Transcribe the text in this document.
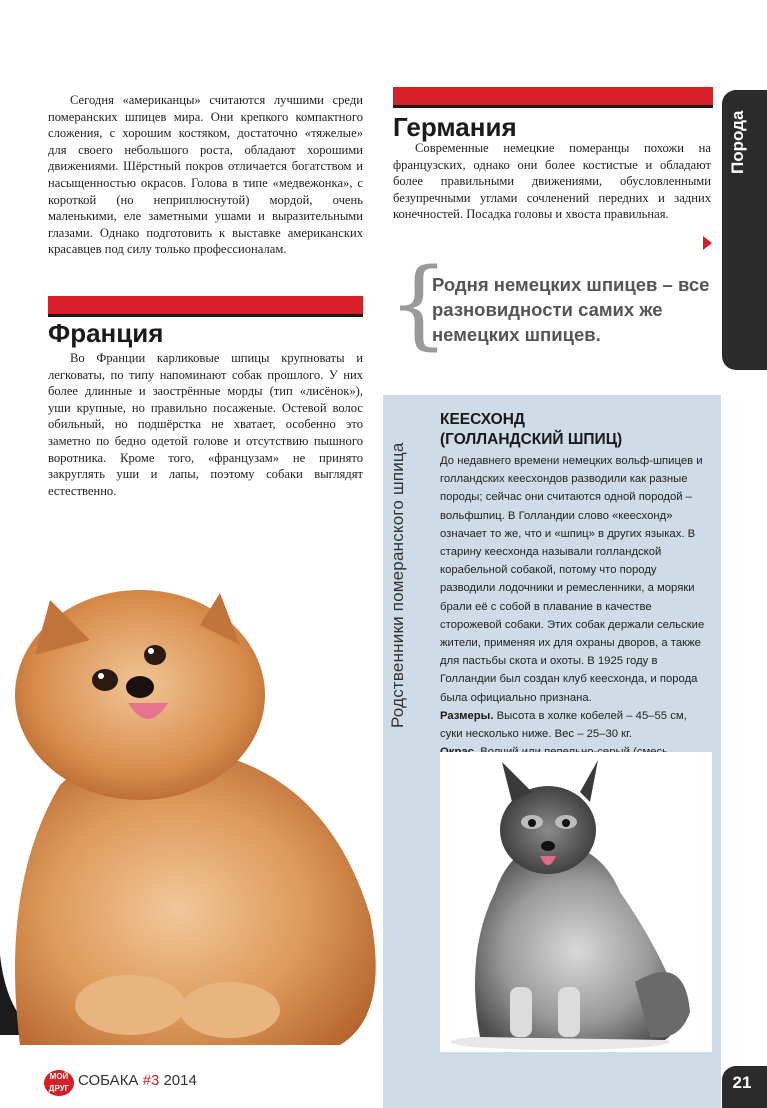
Порода

Сегодня «американцы» считаются лучшими среди померанских шпицев мира. Они крепкого компактного сложения, с хорошим костяком, достаточно «тяжелые» для своего небольшого роста, обладают хорошими движениями. Шёрстный покров отличается богатством и насыщенностью окрасов. Голова в типе «медвежонка», с короткой (но неприплюснутой) мордой, очень маленькими, еле заметными ушами и выразительными глазами. Однако подготовить к выставке американских красавцев под силу только профессионалам.

Франция

Во Франции карликовые шпицы крупноваты и легковаты, по типу напоминают собак прошлого. У них более длинные и заострённые морды (тип «лисёнок»), уши крупные, но правильно посаженые. Остевой волос обильный, но подшёрстка не хватает, особенно это заметно по бедно одетой голове и отсутствию пышного воротника. Кроме того, «французам» не принято закруглять уши и лапы, поэтому собаки выглядят естественно.

Германия

Современные немецкие померанцы похожи на французских, однако они более костистые и обладают более правильными движениями, обусловленными безупречными углами сочленений передних и задних конечностей. Посадка головы и хвоста правильная.

{
Родня немецких шпицев – все разновидности самих же немецких шпицев.
Родственники померанского шпица
КЕЕСХОНД
(ГОЛЛАНДСКИЙ ШПИЦ)
До недавнего времени немецких вольф-шпицев и голландских кеесхондов разводили как разные породы; сейчас они считаются одной породой – вольфшпиц. В Голландии слово «кеесхонд» означает то же, что и «шпиц» в других языках. В старину кеесхонда называли голландской корабельной собакой, потому что породу разводили лодочники и ремесленники, а моряки брали её с собой в плавание в качестве сторожевой собаки. Этих собак держали сельские жители, применяя их для охраны дворов, а также для пастьбы скота и охоты. В 1925 году в Голландии был создан клуб кеесхонда, и порода была официально признана.
Размеры. Высота в холке кобелей – 45–55 см, суки несколько ниже. Вес – 25–30 кг.

МОЙ ДРУГ СОБАКА #3 2014	21
